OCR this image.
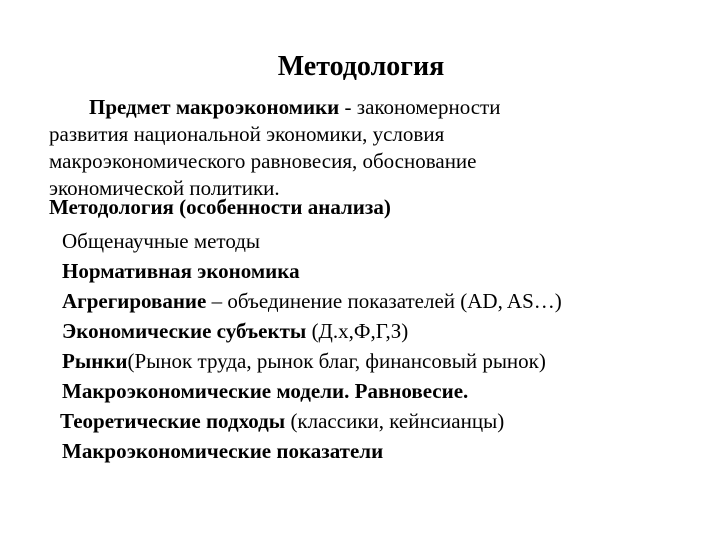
Методология
Предмет макроэкономики - закономерности
развития национальной экономики, условия
макроэкономического равновесия, обоснование
экономической политики.
Методология (особенности анализа)
Общенаучные методы
Нормативная экономика
Агрегирование – объединение показателей (AD, AS…)
Экономические субъекты (Д.х,Ф,Г,З)
Рынки(Рынок труда, рынок благ, финансовый рынок)
Макроэкономические модели. Равновесие.
Теоретические подходы (классики, кейнсианцы)
Макроэкономические показатели
